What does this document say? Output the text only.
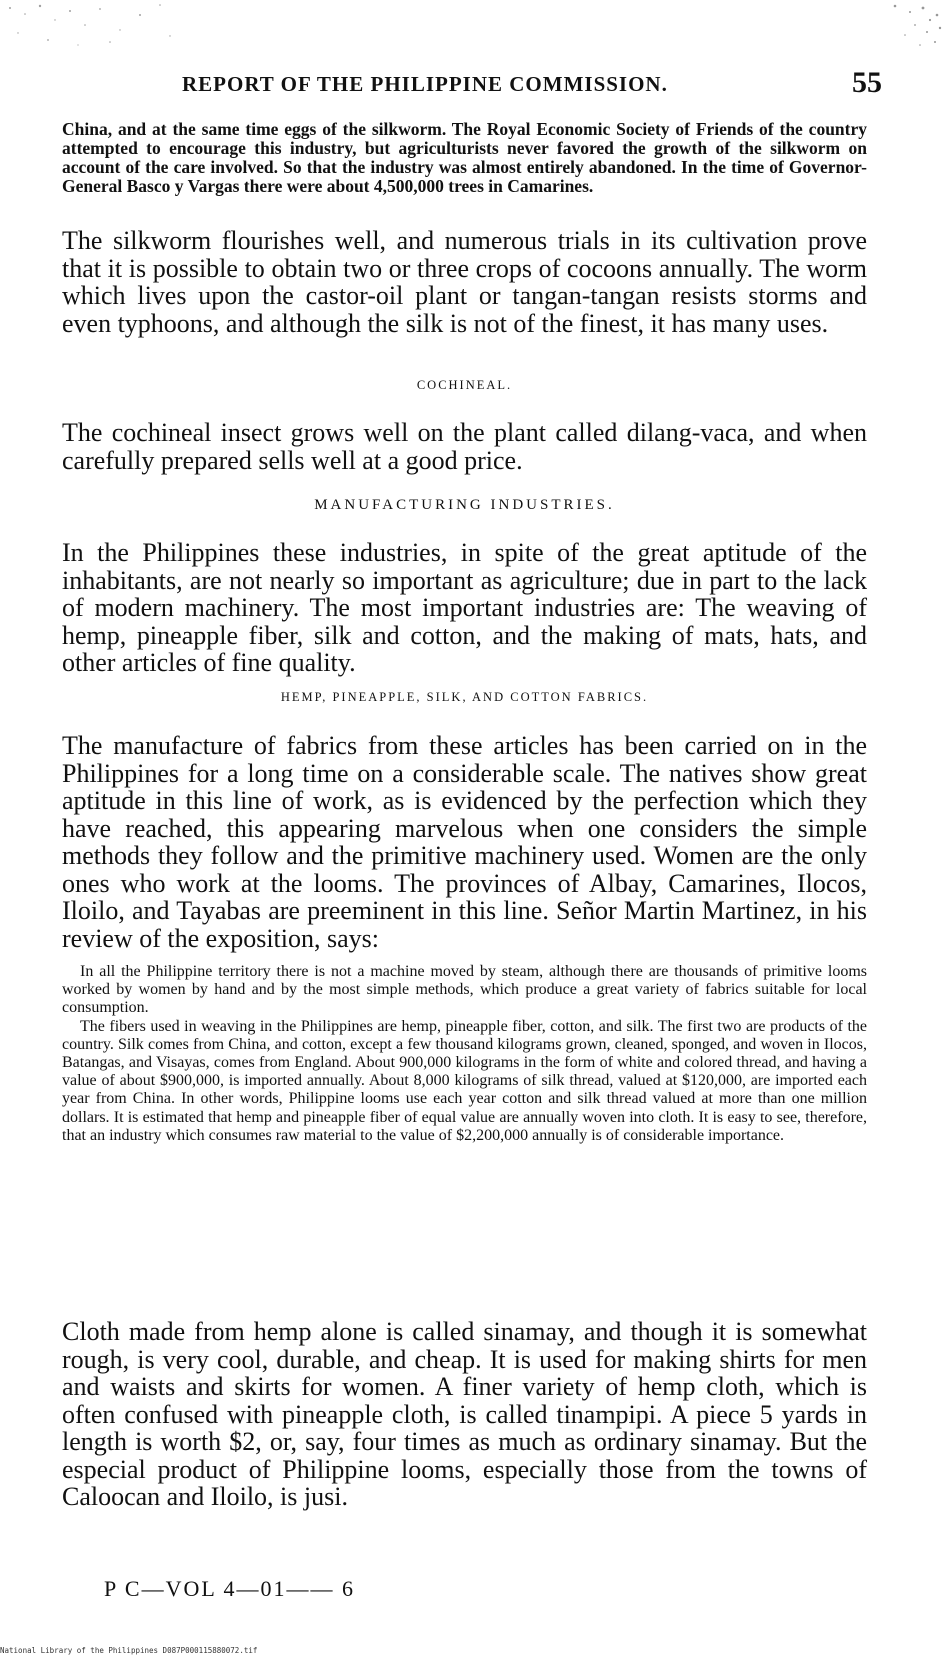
REPORT OF THE PHILIPPINE COMMISSION.	55

China, and at the same time eggs of the silkworm. The Royal Economic Society of Friends of the country attempted to encourage this industry, but agriculturists never favored the growth of the silkworm on account of the care involved. So that the industry was almost entirely abandoned. In the time of Governor-General Basco y Vargas there were about 4,500,000 trees in Camarines.

The silkworm flourishes well, and numerous trials in its cultivation prove that it is possible to obtain two or three crops of cocoons annually. The worm which lives upon the castor-oil plant or tangan-tangan resists storms and even typhoons, and although the silk is not of the finest, it has many uses.

COCHINEAL.

The cochineal insect grows well on the plant called dilang-vaca, and when carefully prepared sells well at a good price.

MANUFACTURING INDUSTRIES.

In the Philippines these industries, in spite of the great aptitude of the inhabitants, are not nearly so important as agriculture; due in part to the lack of modern machinery. The most important industries are: The weaving of hemp, pineapple fiber, silk and cotton, and the making of mats, hats, and other articles of fine quality.

HEMP, PINEAPPLE, SILK, AND COTTON FABRICS.

The manufacture of fabrics from these articles has been carried on in the Philippines for a long time on a considerable scale. The natives show great aptitude in this line of work, as is evidenced by the perfection which they have reached, this appearing marvelous when one considers the simple methods they follow and the primitive machinery used. Women are the only ones who work at the looms. The provinces of Albay, Camarines, Ilocos, Iloilo, and Tayabas are preeminent in this line. Señor Martin Martinez, in his review of the exposition, says:

In all the Philippine territory there is not a machine moved by steam, although there are thousands of primitive looms worked by women by hand and by the most simple methods, which produce a great variety of fabrics suitable for local consumption.

The fibers used in weaving in the Philippines are hemp, pineapple fiber, cotton, and silk. The first two are products of the country. Silk comes from China, and cotton, except a few thousand kilograms grown, cleaned, sponged, and woven in Ilocos, Batangas, and Visayas, comes from England. About 900,000 kilograms in the form of white and colored thread, and having a value of about $900,000, is imported annually. About 8,000 kilograms of silk thread, valued at $120,000, are imported each year from China. In other words, Philippine looms use each year cotton and silk thread valued at more than one million dollars. It is estimated that hemp and pineapple fiber of equal value are annually woven into cloth. It is easy to see, therefore, that an industry which consumes raw material to the value of $2,200,000 annually is of considerable importance.

Cloth made from hemp alone is called sinamay, and though it is somewhat rough, is very cool, durable, and cheap. It is used for making shirts for men and waists and skirts for women. A finer variety of hemp cloth, which is often confused with pineapple cloth, is called tinampipi. A piece 5 yards in length is worth $2, or, say, four times as much as ordinary sinamay. But the especial product of Philippine looms, especially those from the towns of Caloocan and Iloilo, is jusi.

P C—VOL 4—01—— 6
National Library of the Philippines D087P000115880072.tif
